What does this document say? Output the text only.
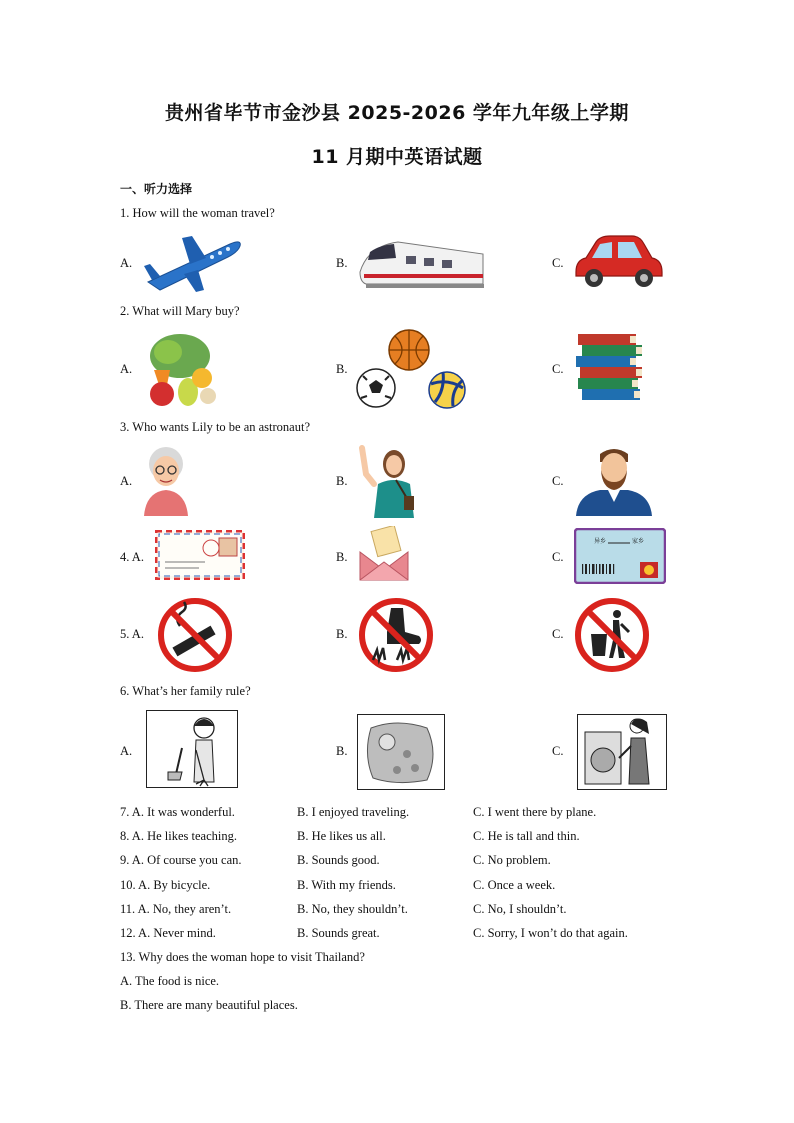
贵州省毕节市金沙县 2025-2026 学年九年级上学期
11 月期中英语试题
一、听力选择
1. How will the woman travel?
A.	B.	C.
2. What will Mary buy?
A.	B.	C.
3. Who wants Lily to be an astronaut?
A.	B.	C.
4. A.	B.	C.
异乡	家乡
5. A.	B.	C.
6. What’s her family rule?
A.	B.	C.
7. A. It was wonderful.	B. I enjoyed traveling.	C. I went there by plane.
8. A. He likes teaching.	B. He likes us all.	C. He is tall and thin.
9. A. Of course you can.	B. Sounds good.	C. No problem.
10. A. By bicycle.	B. With my friends.	C. Once a week.
11. A. No, they aren’t.	B. No, they shouldn’t.	C. No, I shouldn’t.
12. A. Never mind.	B. Sounds great.	C. Sorry, I won’t do that again.
13. Why does the woman hope to visit Thailand?
A. The food is nice.
B. There are many beautiful places.
